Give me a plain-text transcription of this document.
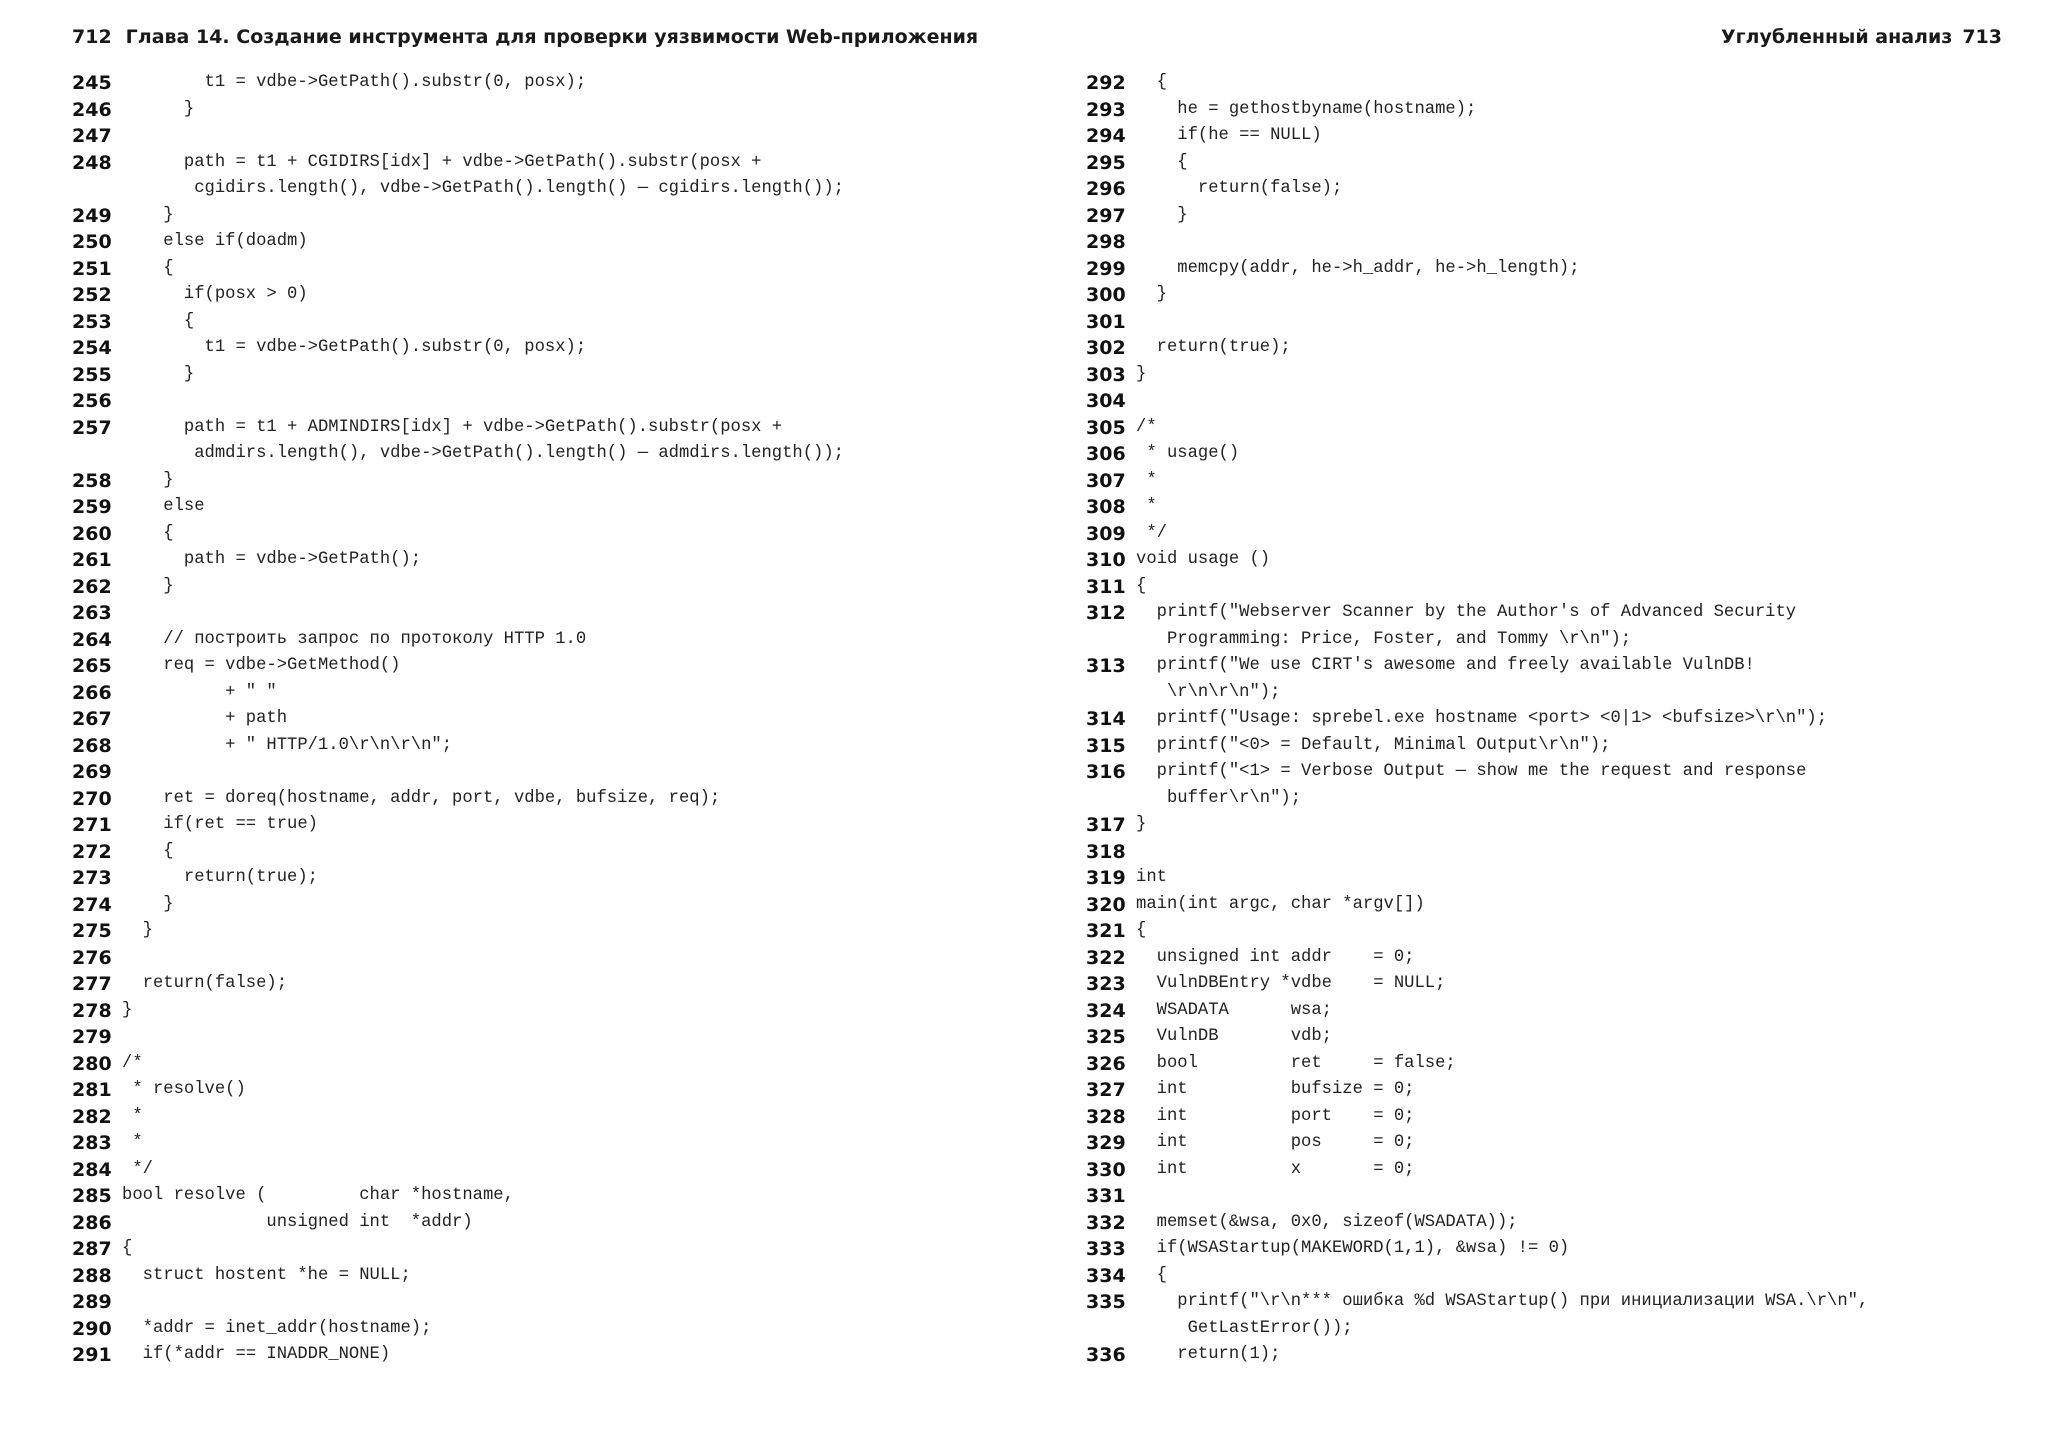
712 Глава 14. Создание инструмента для проверки уязвимости Web-приложения	Углубленный анализ 713
245 t1 = vdbe->GetPath().substr(0, posx);
246 }
247
248 path = t1 + CGIDIRS[idx] + vdbe->GetPath().substr(posx +
cgidirs.length(), vdbe->GetPath().length() — cgidirs.length());
249 }
250 else if(doadm)
251 {
252 if(posx > 0)
253 {
254 t1 = vdbe->GetPath().substr(0, posx);
255 }
256
257 path = t1 + ADMINDIRS[idx] + vdbe->GetPath().substr(posx +
admdirs.length(), vdbe->GetPath().length() — admdirs.length());
258 }
259 else
260 {
261 path = vdbe->GetPath();
262 }
263
264 // построить запрос по протоколу HTTP 1.0
265 req = vdbe->GetMethod()
266 + " "
267 + path
268 + " HTTP/1.0\r\n\r\n";
269
270 ret = doreq(hostname, addr, port, vdbe, bufsize, req);
271 if(ret == true)
272 {
273 return(true);
274 }
275 }
276
277 return(false);
278 }
279
280 /*
281 * resolve()
282 *
283 *
284 */
285 bool resolve (         char *hostname,
286 unsigned int  *addr)
287 {
288 struct hostent *he = NULL;
289
290 *addr = inet_addr(hostname);
291 if(*addr == INADDR_NONE)
292 {
293 he = gethostbyname(hostname);
294 if(he == NULL)
295 {
296 return(false);
297 }
298
299 memcpy(addr, he->h_addr, he->h_length);
300 }
301
302 return(true);
303 }
304
305 /*
306 * usage()
307 *
308 *
309 */
310 void usage ()
311 {
312 printf("Webserver Scanner by the Author's of Advanced Security
Programming: Price, Foster, and Tommy \r\n");
313 printf("We use CIRT's awesome and freely available VulnDB!
\r\n\r\n");
314 printf("Usage: sprebel.exe hostname <port> <0|1> <bufsize>\r\n");
315 printf("<0> = Default, Minimal Output\r\n");
316 printf("<1> = Verbose Output — show me the request and response
buffer\r\n");
317 }
318
319 int
320 main(int argc, char *argv[])
321 {
322 unsigned int addr    = 0;
323 VulnDBEntry *vdbe    = NULL;
324 WSADATA      wsa;
325 VulnDB       vdb;
326 bool         ret     = false;
327 int          bufsize = 0;
328 int          port    = 0;
329 int          pos     = 0;
330 int          x       = 0;
331
332 memset(&wsa, 0x0, sizeof(WSADATA));
333 if(WSAStartup(MAKEWORD(1,1), &wsa) != 0)
334 {
335 printf("\r\n*** ошибка %d WSAStartup() при инициализации WSA.\r\n",
GetLastError());
336 return(1);
